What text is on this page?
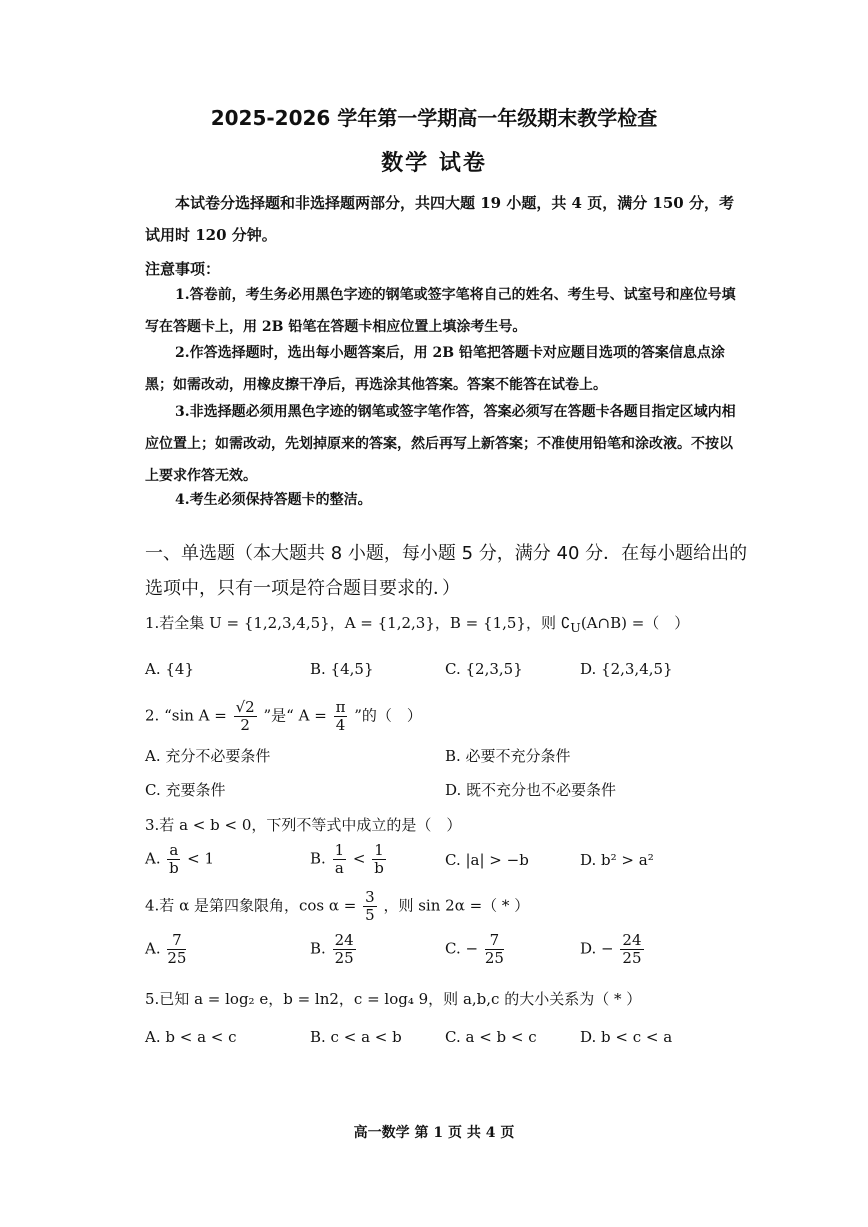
2025-2026 学年第一学期高一年级期末教学检查
数学 试卷
本试卷分选择题和非选择题两部分，共四大题 19 小题，共 4 页，满分 150 分，考试用时 120 分钟。
注意事项：
1.答卷前，考生务必用黑色字迹的钢笔或签字笔将自己的姓名、考生号、试室号和座位号填写在答题卡上，用 2B 铅笔在答题卡相应位置上填涂考生号。
2.作答选择题时，选出每小题答案后，用 2B 铅笔把答题卡对应题目选项的答案信息点涂黑；如需改动，用橡皮擦干净后，再选涂其他答案。答案不能答在试卷上。
3.非选择题必须用黑色字迹的钢笔或签字笔作答，答案必须写在答题卡各题目指定区域内相应位置上；如需改动，先划掉原来的答案，然后再写上新答案；不准使用铅笔和涂改液。不按以上要求作答无效。
4.考生必须保持答题卡的整洁。
一、单选题（本大题共 8 小题，每小题 5 分，满分 40 分．在每小题给出的选项中，只有一项是符合题目要求的．）
1.若全集 U = {1,2,3,4,5}，A = {1,2,3}，B = {1,5}，则 $∁_U(A\cap B)$ =（　）
A. {4}	B. {4,5}	C. {2,3,5}	D. {2,3,4,5}
2. “sin $A = \frac{√2}{2}$ ”是“ $A = \frac{\pi}{4}$ ”的（　）
A. 充分不必要条件	B. 必要不充分条件
C. 充要条件	D. 既不充分也不必要条件
3.若 a < b < 0，下列不等式中成立的是（　）
A. $\frac{a}{b} < 1$	B. $\frac{1}{a} < \frac{1}{b}$	C. |a| > −b	D. b² > a²
4.若 α 是第四象限角，$\cos \alpha = \frac{3}{5}$ ，则 sin 2α =（ * ）
A. $\frac{7}{25}$	B. $\frac{24}{25}$	C. − $\frac{7}{25}$	D. − $\frac{24}{25}$
5.已知 a = log₂ e，b = ln2，c = log₄ 9，则 a,b,c 的大小关系为（ * ）
A. b < a < c	B. c < a < b	C. a < b < c	D. b < c < a
高一数学 第 1 页 共 4 页
